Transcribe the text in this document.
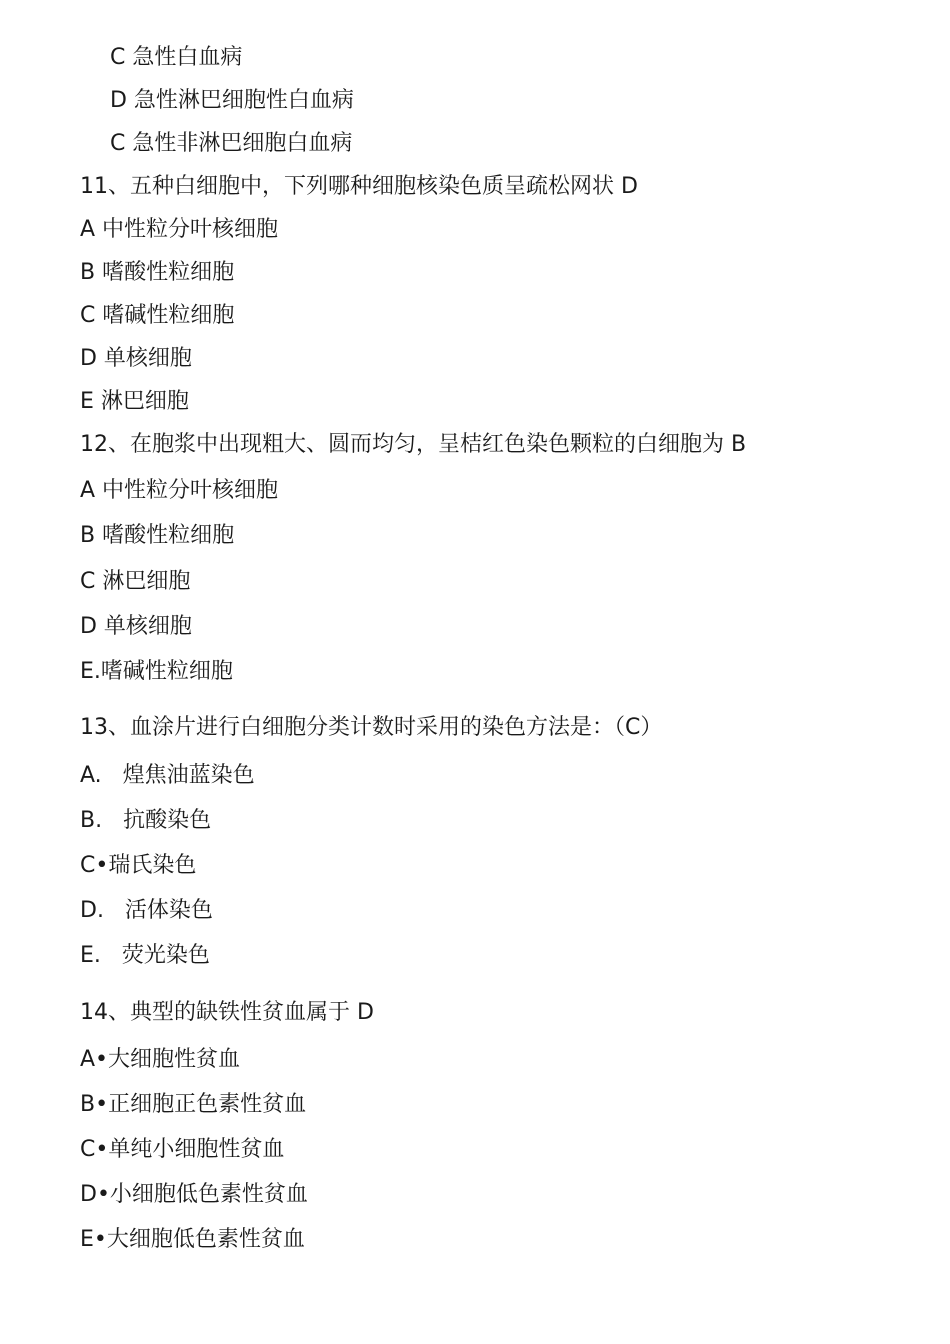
C 急性白血病
D 急性淋巴细胞性白血病
C 急性非淋巴细胞白血病
11、五种白细胞中，下列哪种细胞核染色质呈疏松网状 D
A 中性粒分叶核细胞
B 嗜酸性粒细胞
C 嗜碱性粒细胞
D 单核细胞
E 淋巴细胞
12、在胞浆中出现粗大、圆而均匀，呈桔红色染色颗粒的白细胞为 B
A 中性粒分叶核细胞
B 嗜酸性粒细胞
C 淋巴细胞
D 单核细胞
E.嗜碱性粒细胞
13、血涂片进行白细胞分类计数时采用的染色方法是：（C）
A.   煌焦油蓝染色
B.   抗酸染色
C•瑞氏染色
D.   活体染色
E.   荧光染色
14、典型的缺铁性贫血属于 D
A•大细胞性贫血
B•正细胞正色素性贫血
C•单纯小细胞性贫血
D•小细胞低色素性贫血
E•大细胞低色素性贫血
